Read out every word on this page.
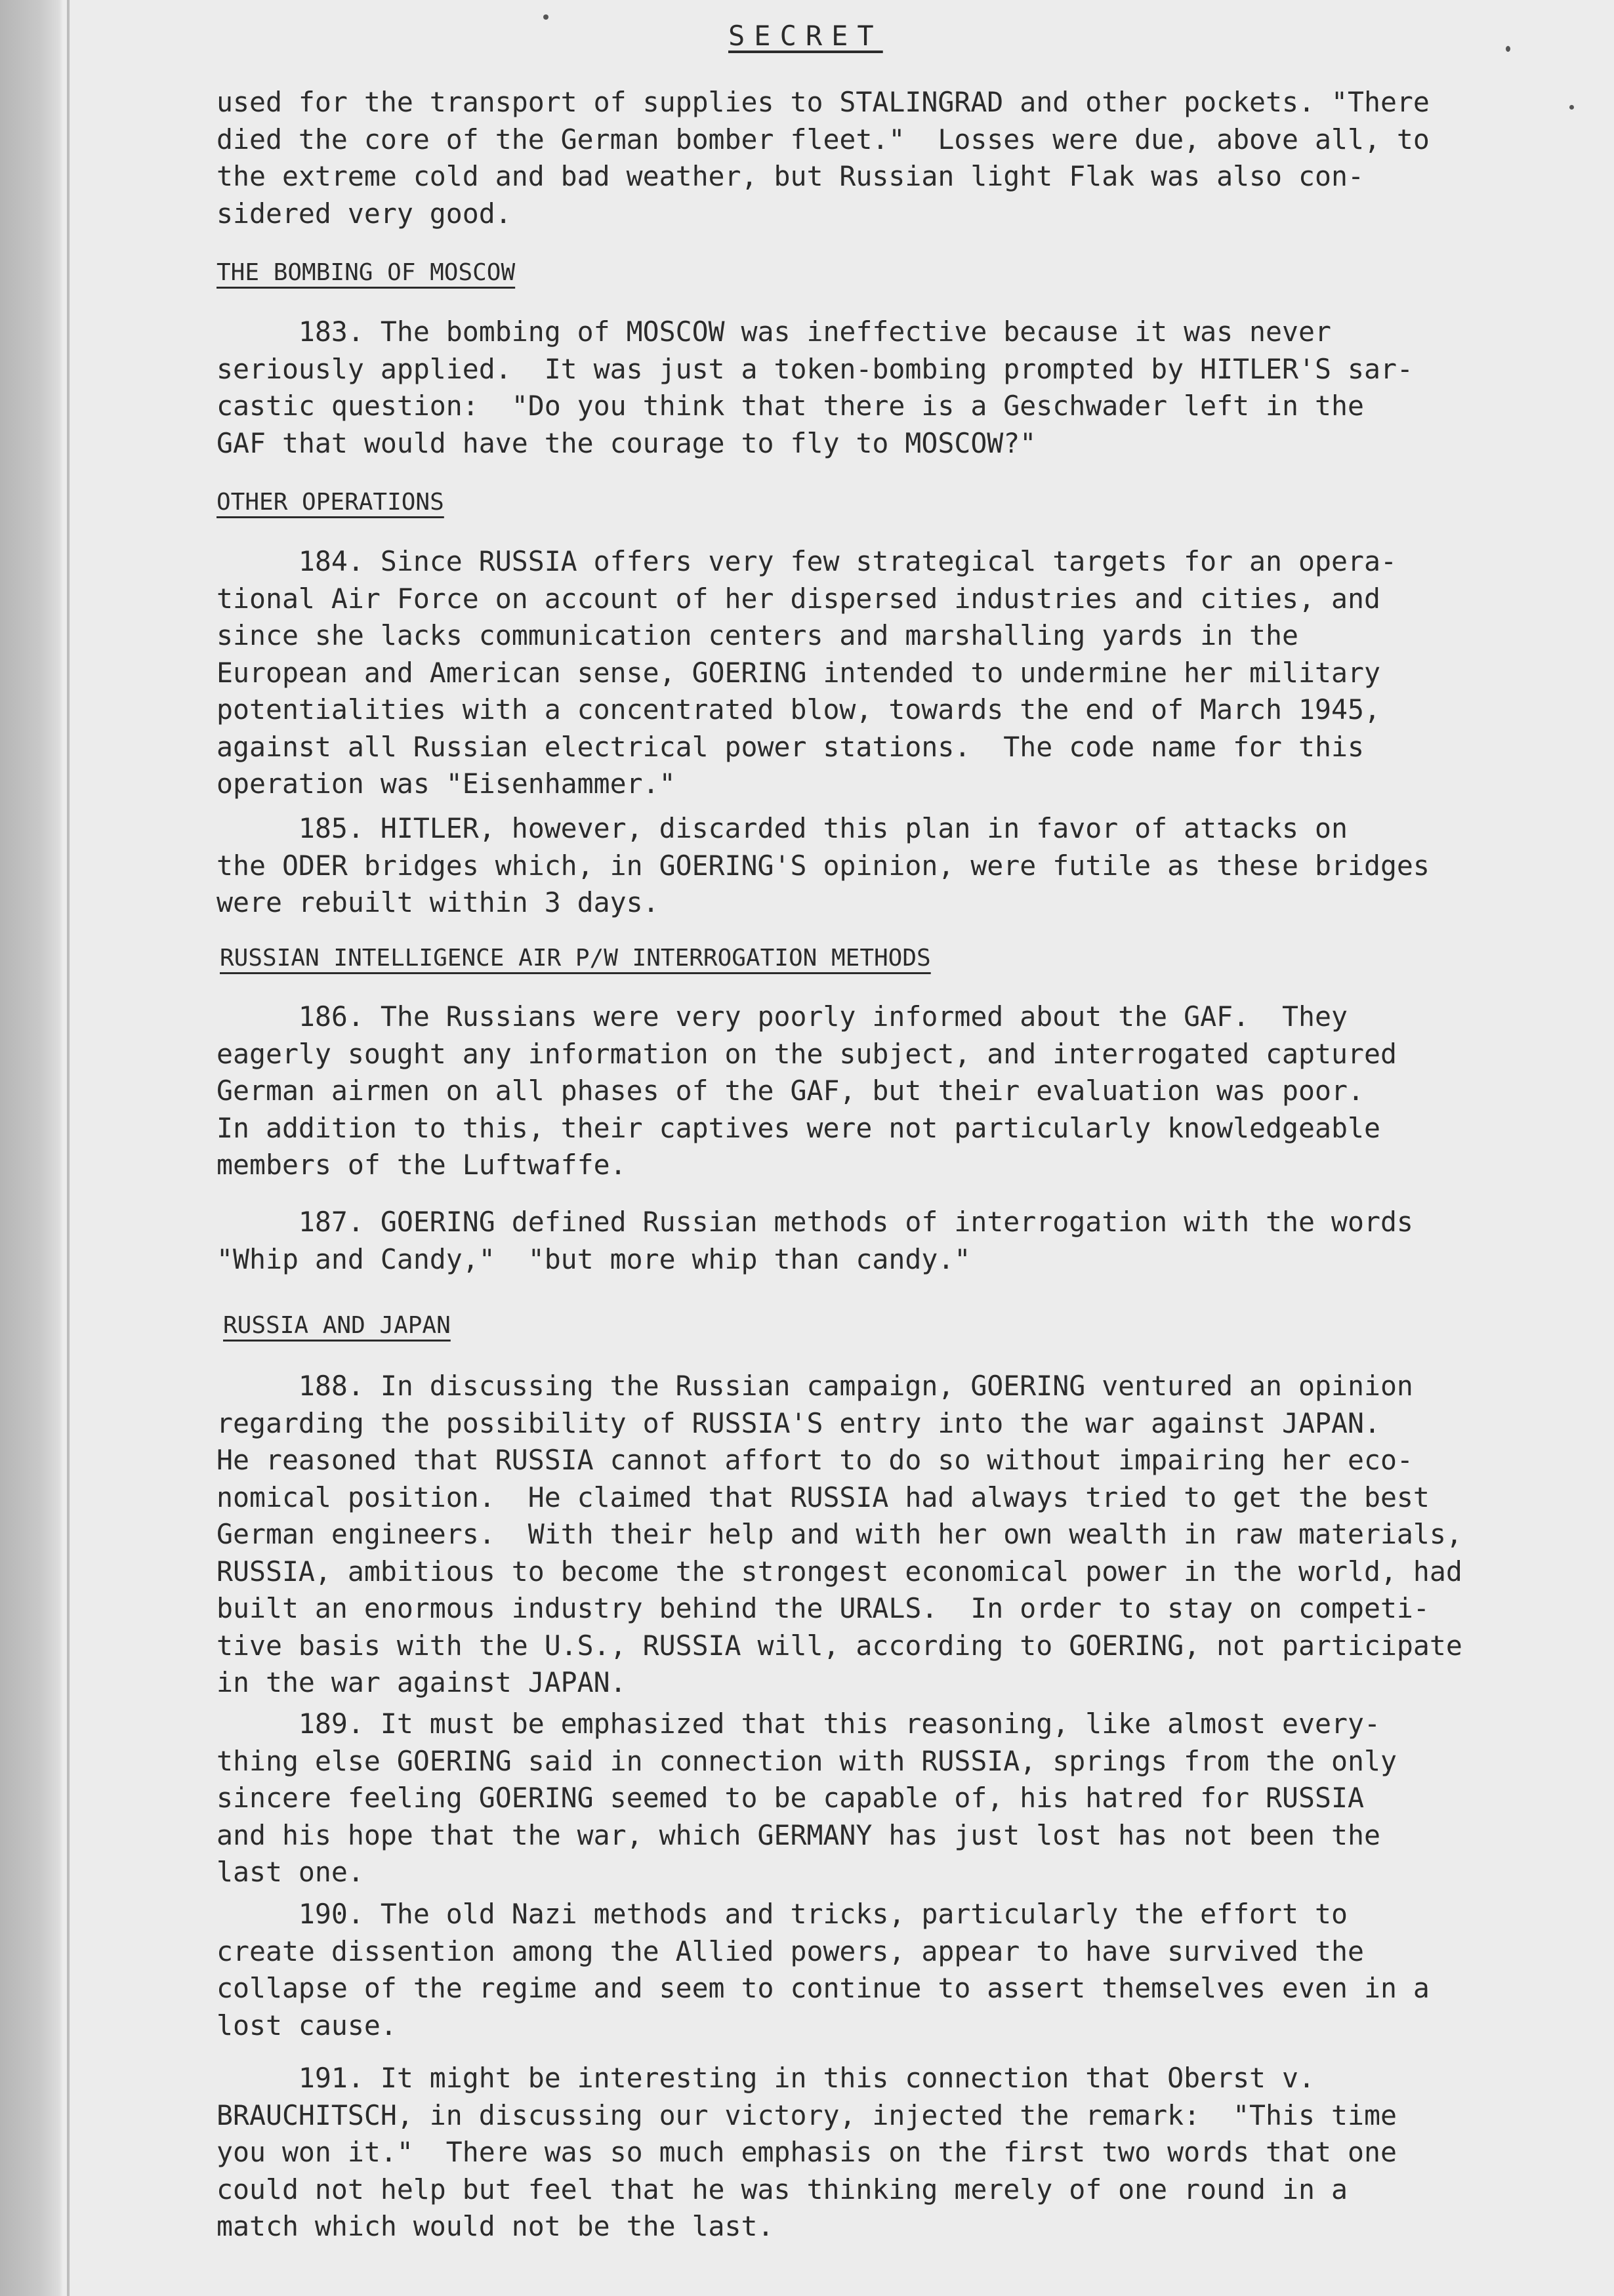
SECRET
used for the transport of supplies to STALINGRAD and other pockets. "There
died the core of the German bomber fleet."  Losses were due, above all, to
the extreme cold and bad weather, but Russian light Flak was also con-
sidered very good.
THE BOMBING OF MOSCOW
183. The bombing of MOSCOW was ineffective because it was never
seriously applied.  It was just a token-bombing prompted by HITLER'S sar-
castic question:  "Do you think that there is a Geschwader left in the
GAF that would have the courage to fly to MOSCOW?"
OTHER OPERATIONS
184. Since RUSSIA offers very few strategical targets for an opera-
tional Air Force on account of her dispersed industries and cities, and
since she lacks communication centers and marshalling yards in the
European and American sense, GOERING intended to undermine her military
potentialities with a concentrated blow, towards the end of March 1945,
against all Russian electrical power stations.  The code name for this
operation was "Eisenhammer."
185. HITLER, however, discarded this plan in favor of attacks on
the ODER bridges which, in GOERING'S opinion, were futile as these bridges
were rebuilt within 3 days.
RUSSIAN INTELLIGENCE AIR P/W INTERROGATION METHODS
186. The Russians were very poorly informed about the GAF.  They
eagerly sought any information on the subject, and interrogated captured
German airmen on all phases of the GAF, but their evaluation was poor.
In addition to this, their captives were not particularly knowledgeable
members of the Luftwaffe.
187. GOERING defined Russian methods of interrogation with the words
"Whip and Candy,"  "but more whip than candy."
RUSSIA AND JAPAN
188. In discussing the Russian campaign, GOERING ventured an opinion
regarding the possibility of RUSSIA'S entry into the war against JAPAN.
He reasoned that RUSSIA cannot affort to do so without impairing her eco-
nomical position.  He claimed that RUSSIA had always tried to get the best
German engineers.  With their help and with her own wealth in raw materials,
RUSSIA, ambitious to become the strongest economical power in the world, had
built an enormous industry behind the URALS.  In order to stay on competi-
tive basis with the U.S., RUSSIA will, according to GOERING, not participate
in the war against JAPAN.
189. It must be emphasized that this reasoning, like almost every-
thing else GOERING said in connection with RUSSIA, springs from the only
sincere feeling GOERING seemed to be capable of, his hatred for RUSSIA
and his hope that the war, which GERMANY has just lost has not been the
last one.
190. The old Nazi methods and tricks, particularly the effort to
create dissention among the Allied powers, appear to have survived the
collapse of the regime and seem to continue to assert themselves even in a
lost cause.
191. It might be interesting in this connection that Oberst v.
BRAUCHITSCH, in discussing our victory, injected the remark:  "This time
you won it."  There was so much emphasis on the first two words that one
could not help but feel that he was thinking merely of one round in a
match which would not be the last.
